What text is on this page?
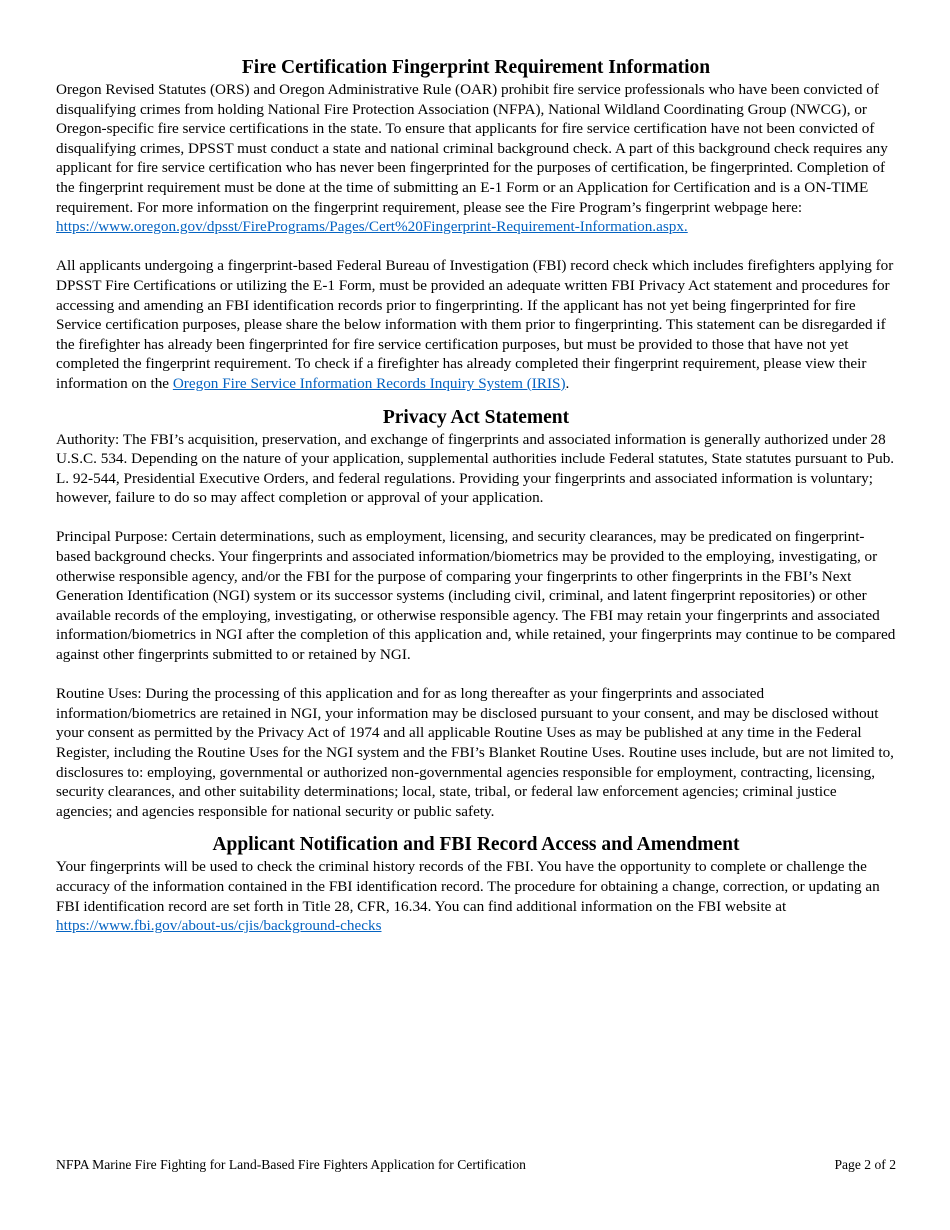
Fire Certification Fingerprint Requirement Information

Oregon Revised Statutes (ORS) and Oregon Administrative Rule (OAR) prohibit fire service professionals who have been convicted of disqualifying crimes from holding National Fire Protection Association (NFPA), National Wildland Coordinating Group (NWCG), or Oregon-specific fire service certifications in the state. To ensure that applicants for fire service certification have not been convicted of disqualifying crimes, DPSST must conduct a state and national criminal background check. A part of this background check requires any applicant for fire service certification who has never been fingerprinted for the purposes of certification, be fingerprinted. Completion of the fingerprint requirement must be done at the time of submitting an E-1 Form or an Application for Certification and is a ON-TIME requirement. For more information on the fingerprint requirement, please see the Fire Program’s fingerprint webpage here: https://www.oregon.gov/dpsst/FirePrograms/Pages/Cert%20Fingerprint-Requirement-Information.aspx.

All applicants undergoing a fingerprint-based Federal Bureau of Investigation (FBI) record check which includes firefighters applying for DPSST Fire Certifications or utilizing the E-1 Form, must be provided an adequate written FBI Privacy Act statement and procedures for accessing and amending an FBI identification records prior to fingerprinting. If the applicant has not yet being fingerprinted for fire Service certification purposes, please share the below information with them prior to fingerprinting. This statement can be disregarded if the firefighter has already been fingerprinted for fire service certification purposes, but must be provided to those that have not yet completed the fingerprint requirement. To check if a firefighter has already completed their fingerprint requirement, please view their information on the Oregon Fire Service Information Records Inquiry System (IRIS).

Privacy Act Statement

Authority: The FBI’s acquisition, preservation, and exchange of fingerprints and associated information is generally authorized under 28 U.S.C. 534. Depending on the nature of your application, supplemental authorities include Federal statutes, State statutes pursuant to Pub. L. 92-544, Presidential Executive Orders, and federal regulations. Providing your fingerprints and associated information is voluntary; however, failure to do so may affect completion or approval of your application.

Principal Purpose: Certain determinations, such as employment, licensing, and security clearances, may be predicated on fingerprint-based background checks. Your fingerprints and associated information/biometrics may be provided to the employing, investigating, or otherwise responsible agency, and/or the FBI for the purpose of comparing your fingerprints to other fingerprints in the FBI’s Next Generation Identification (NGI) system or its successor systems (including civil, criminal, and latent fingerprint repositories) or other available records of the employing, investigating, or otherwise responsible agency. The FBI may retain your fingerprints and associated information/biometrics in NGI after the completion of this application and, while retained, your fingerprints may continue to be compared against other fingerprints submitted to or retained by NGI.

Routine Uses: During the processing of this application and for as long thereafter as your fingerprints and associated information/biometrics are retained in NGI, your information may be disclosed pursuant to your consent, and may be disclosed without your consent as permitted by the Privacy Act of 1974 and all applicable Routine Uses as may be published at any time in the Federal Register, including the Routine Uses for the NGI system and the FBI’s Blanket Routine Uses. Routine uses include, but are not limited to, disclosures to: employing, governmental or authorized non-governmental agencies responsible for employment, contracting, licensing, security clearances, and other suitability determinations; local, state, tribal, or federal law enforcement agencies; criminal justice agencies; and agencies responsible for national security or public safety.

Applicant Notification and FBI Record Access and Amendment

Your fingerprints will be used to check the criminal history records of the FBI. You have the opportunity to complete or challenge the accuracy of the information contained in the FBI identification record. The procedure for obtaining a change, correction, or updating an FBI identification record are set forth in Title 28, CFR, 16.34. You can find additional information on the FBI website at https://www.fbi.gov/about-us/cjis/background-checks

NFPA Marine Fire Fighting for Land-Based Fire Fighters Application for Certification	Page 2 of 2
